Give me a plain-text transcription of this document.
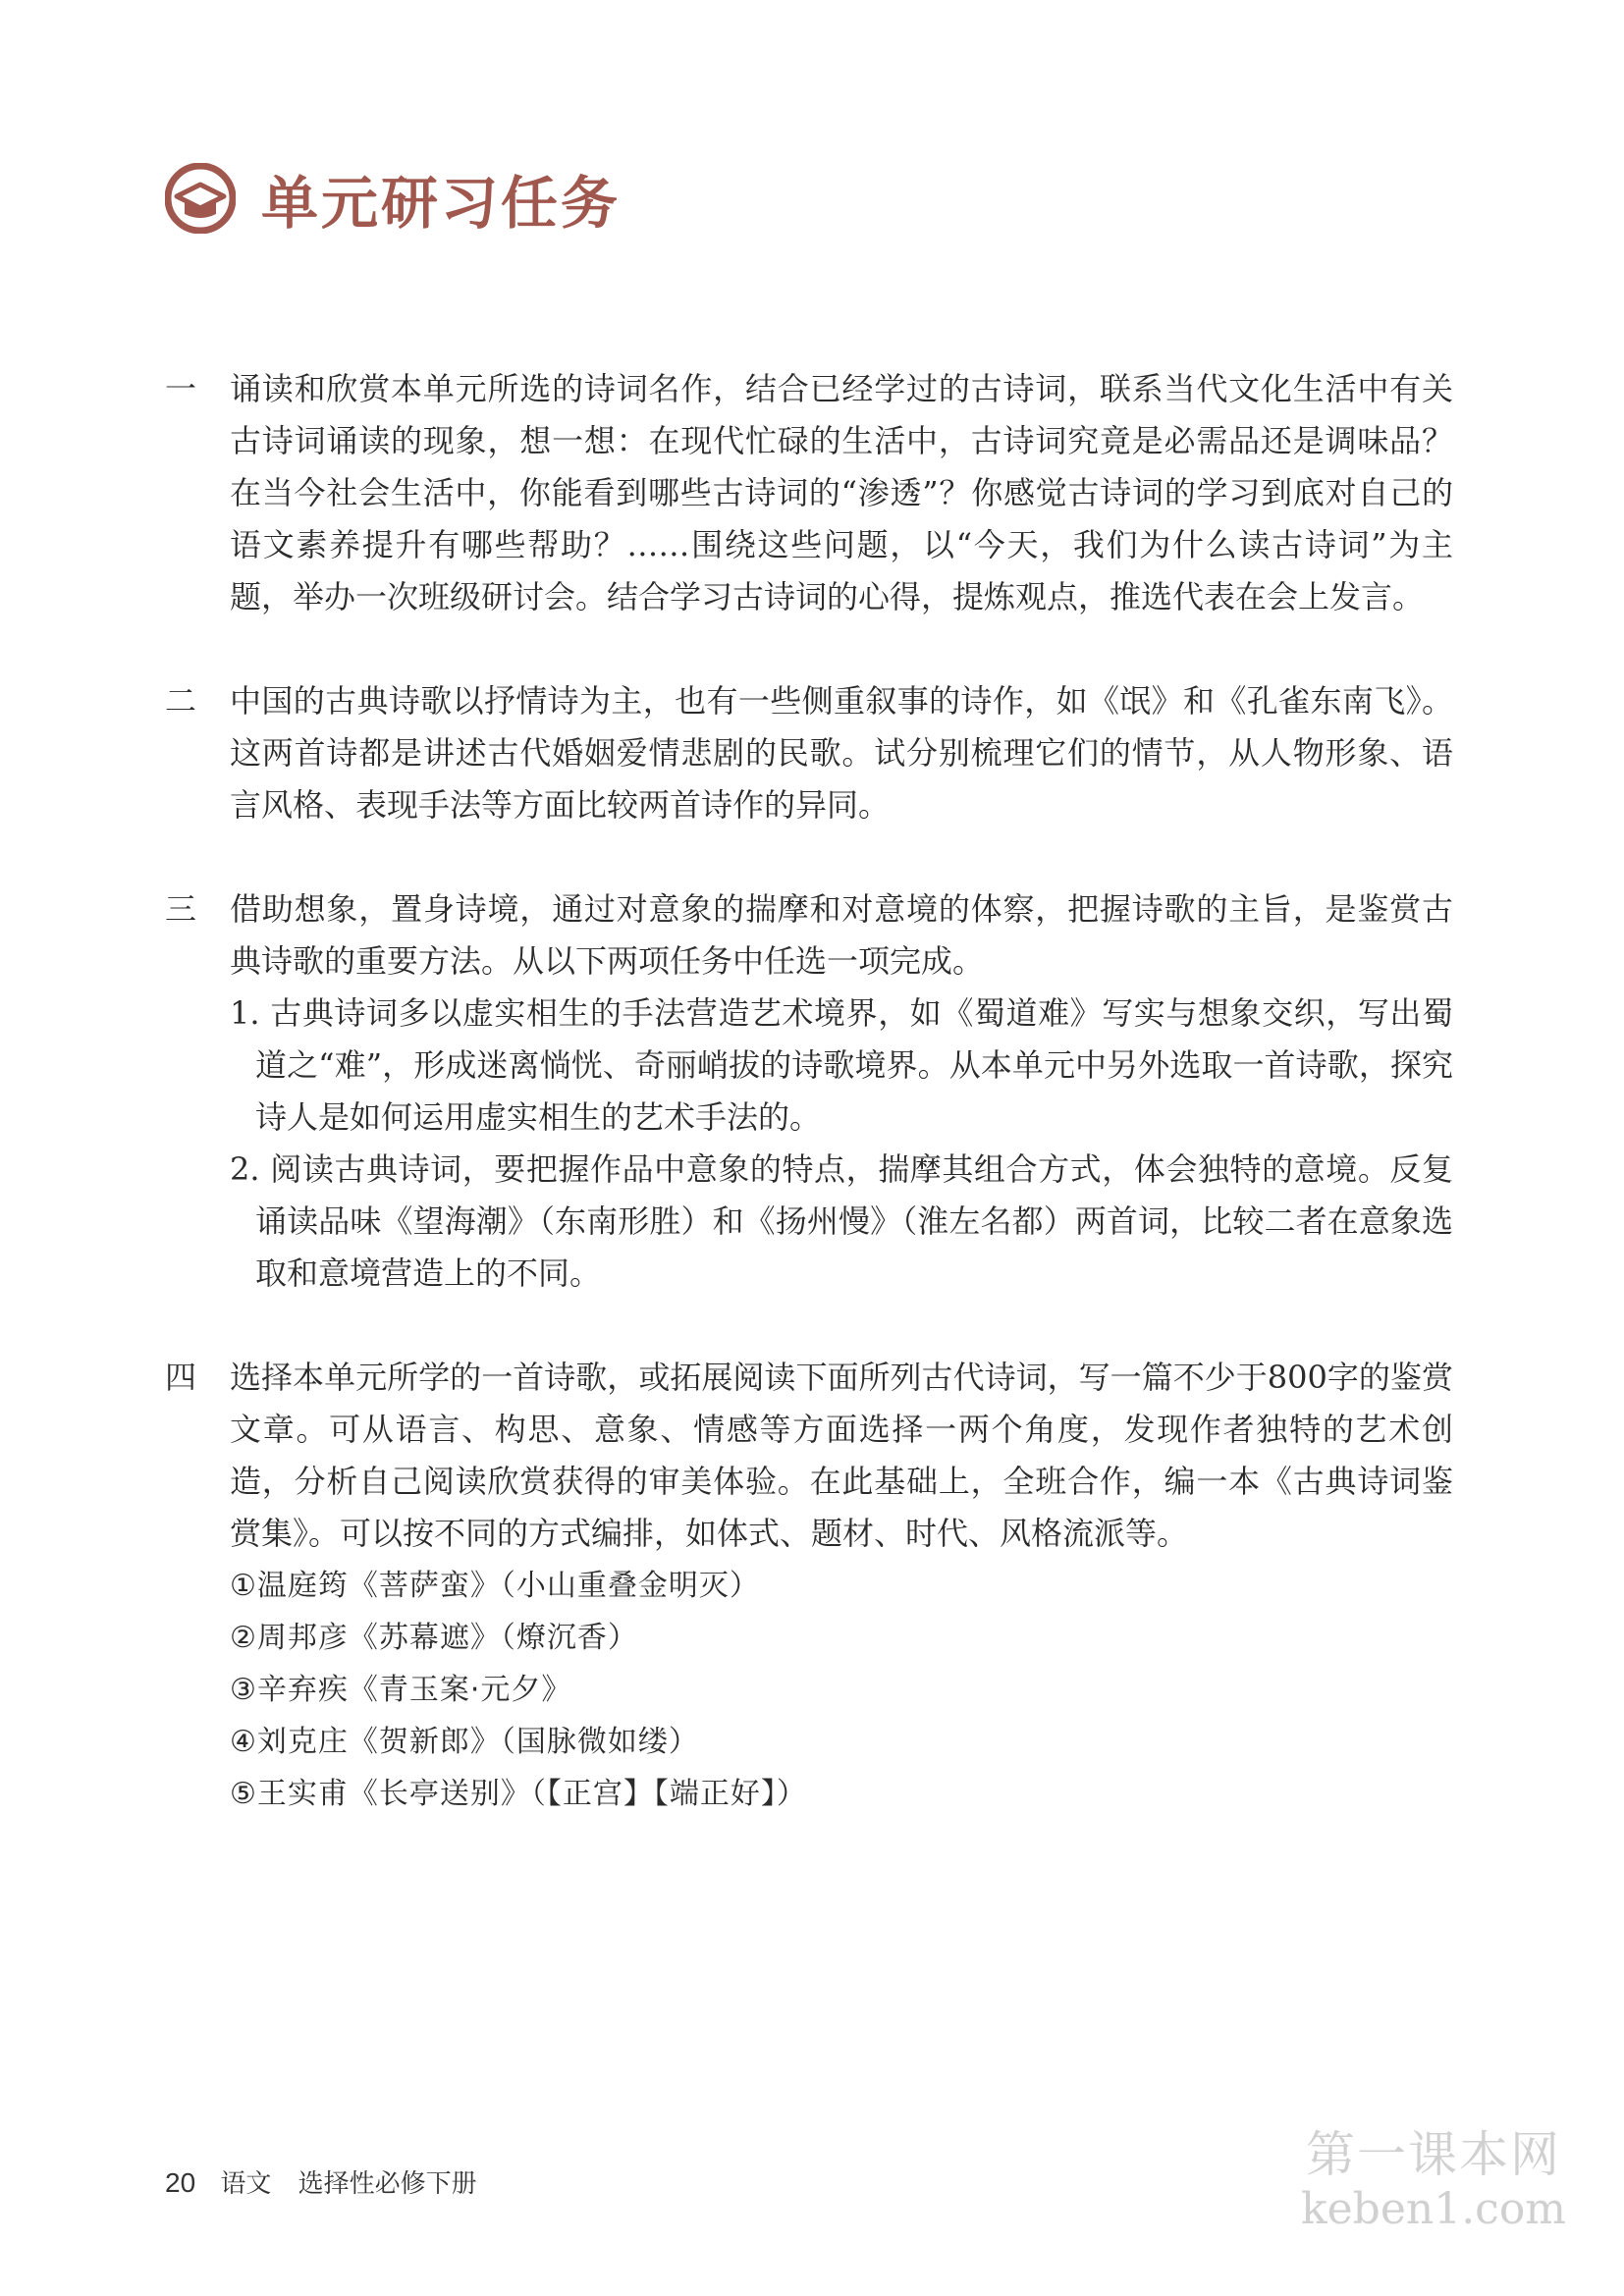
单元研习任务
一	诵读和欣赏本单元所选的诗词名作，结合已经学过的古诗词，联系当代文化生活中有关古诗词诵读的现象，想一想：在现代忙碌的生活中，古诗词究竟是必需品还是调味品？在当今社会生活中，你能看到哪些古诗词的“渗透”？你感觉古诗词的学习到底对自己的语文素养提升有哪些帮助？……围绕这些问题，以“今天，我们为什么读古诗词”为主题，举办一次班级研讨会。结合学习古诗词的心得，提炼观点，推选代表在会上发言。

二	中国的古典诗歌以抒情诗为主，也有一些侧重叙事的诗作，如《氓》和《孔雀东南飞》。这两首诗都是讲述古代婚姻爱情悲剧的民歌。试分别梳理它们的情节，从人物形象、语言风格、表现手法等方面比较两首诗作的异同。

三	借助想象，置身诗境，通过对意象的揣摩和对意境的体察，把握诗歌的主旨，是鉴赏古典诗歌的重要方法。从以下两项任务中任选一项完成。

1. 古典诗词多以虚实相生的手法营造艺术境界，如《蜀道难》写实与想象交织，写出蜀道之“难”，形成迷离惝恍、奇丽峭拔的诗歌境界。从本单元中另外选取一首诗歌，探究诗人是如何运用虚实相生的艺术手法的。

2. 阅读古典诗词，要把握作品中意象的特点，揣摩其组合方式，体会独特的意境。反复诵读品味《望海潮》（东南形胜）和《扬州慢》（淮左名都）两首词，比较二者在意象选取和意境营造上的不同。

四	选择本单元所学的一首诗歌，或拓展阅读下面所列古代诗词，写一篇不少于800字的鉴赏文章。可从语言、构思、意象、情感等方面选择一两个角度，发现作者独特的艺术创造，分析自己阅读欣赏获得的审美体验。在此基础上，全班合作，编一本《古典诗词鉴赏集》。可以按不同的方式编排，如体式、题材、时代、风格流派等。

①温庭筠《菩萨蛮》（小山重叠金明灭）

②周邦彦《苏幕遮》（燎沉香）

③辛弃疾《青玉案·元夕》

④刘克庄《贺新郎》（国脉微如缕）

⑤王实甫《长亭送别》（【正宫】【端正好】）

20 语文 选择性必修下册	第一课本网
keben1.com
